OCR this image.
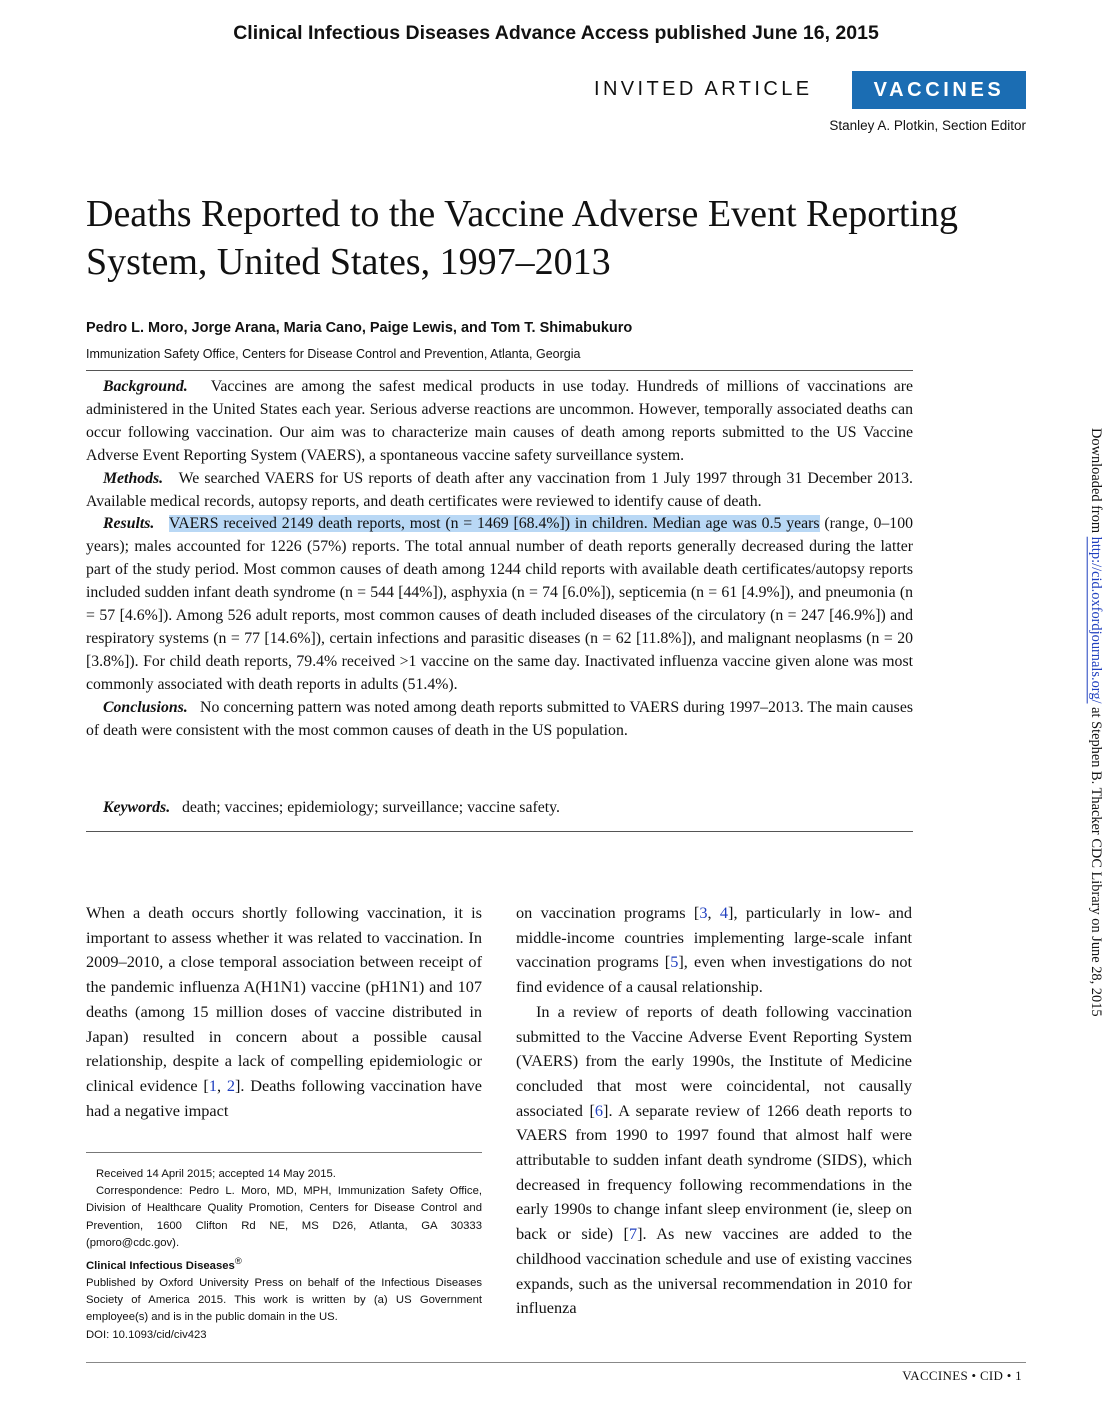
Clinical Infectious Diseases Advance Access published June 16, 2015
INVITED ARTICLE	VACCINES
Stanley A. Plotkin, Section Editor
Deaths Reported to the Vaccine Adverse Event Reporting System, United States, 1997–2013
Pedro L. Moro, Jorge Arana, Maria Cano, Paige Lewis, and Tom T. Shimabukuro
Immunization Safety Office, Centers for Disease Control and Prevention, Atlanta, Georgia

Background. Vaccines are among the safest medical products in use today. Hundreds of millions of vaccinations are administered in the United States each year. Serious adverse reactions are uncommon. However, temporally associated deaths can occur following vaccination. Our aim was to characterize main causes of death among reports submitted to the US Vaccine Adverse Event Reporting System (VAERS), a spontaneous vaccine safety surveillance system.

Methods. We searched VAERS for US reports of death after any vaccination from 1 July 1997 through 31 December 2013. Available medical records, autopsy reports, and death certificates were reviewed to identify cause of death.

Results. VAERS received 2149 death reports, most (n = 1469 [68.4%]) in children. Median age was 0.5 years (range, 0–100 years); males accounted for 1226 (57%) reports. The total annual number of death reports generally decreased during the latter part of the study period. Most common causes of death among 1244 child reports with available death certificates/autopsy reports included sudden infant death syndrome (n = 544 [44%]), asphyxia (n = 74 [6.0%]), septicemia (n = 61 [4.9%]), and pneumonia (n = 57 [4.6%]). Among 526 adult reports, most common causes of death included diseases of the circulatory (n = 247 [46.9%]) and respiratory systems (n = 77 [14.6%]), certain infections and parasitic diseases (n = 62 [11.8%]), and malignant neoplasms (n = 20 [3.8%]). For child death reports, 79.4% received >1 vaccine on the same day. Inactivated influenza vaccine given alone was most commonly associated with death reports in adults (51.4%).

Conclusions. No concerning pattern was noted among death reports submitted to VAERS during 1997–2013. The main causes of death were consistent with the most common causes of death in the US population.

Keywords. death; vaccines; epidemiology; surveillance; vaccine safety.

When a death occurs shortly following vaccination, it is important to assess whether it was related to vaccination. In 2009–2010, a close temporal association between receipt of the pandemic influenza A(H1N1) vaccine (pH1N1) and 107 deaths (among 15 million doses of vaccine distributed in Japan) resulted in concern about a possible causal relationship, despite a lack of compelling epidemiologic or clinical evidence [1, 2]. Deaths following vaccination have had a negative impact

Received 14 April 2015; accepted 14 May 2015.

Correspondence: Pedro L. Moro, MD, MPH, Immunization Safety Office, Division of Healthcare Quality Promotion, Centers for Disease Control and Prevention, 1600 Clifton Rd NE, MS D26, Atlanta, GA 30333 (pmoro@cdc.gov).

Clinical Infectious Diseases®

Published by Oxford University Press on behalf of the Infectious Diseases Society of America 2015. This work is written by (a) US Government employee(s) and is in the public domain in the US.

DOI: 10.1093/cid/civ423

on vaccination programs [3, 4], particularly in low- and middle-income countries implementing large-scale infant vaccination programs [5], even when investigations do not find evidence of a causal relationship.

In a review of reports of death following vaccination submitted to the Vaccine Adverse Event Reporting System (VAERS) from the early 1990s, the Institute of Medicine concluded that most were coincidental, not causally associated [6]. A separate review of 1266 death reports to VAERS from 1990 to 1997 found that almost half were attributable to sudden infant death syndrome (SIDS), which decreased in frequency following recommendations in the early 1990s to change infant sleep environment (ie, sleep on back or side) [7]. As new vaccines are added to the childhood vaccination schedule and use of existing vaccines expands, such as the universal recommendation in 2010 for influenza

Downloaded from http://cid.oxfordjournals.org/ at Stephen B. Thacker CDC Library on June 28, 2015
VACCINES • CID • 1
